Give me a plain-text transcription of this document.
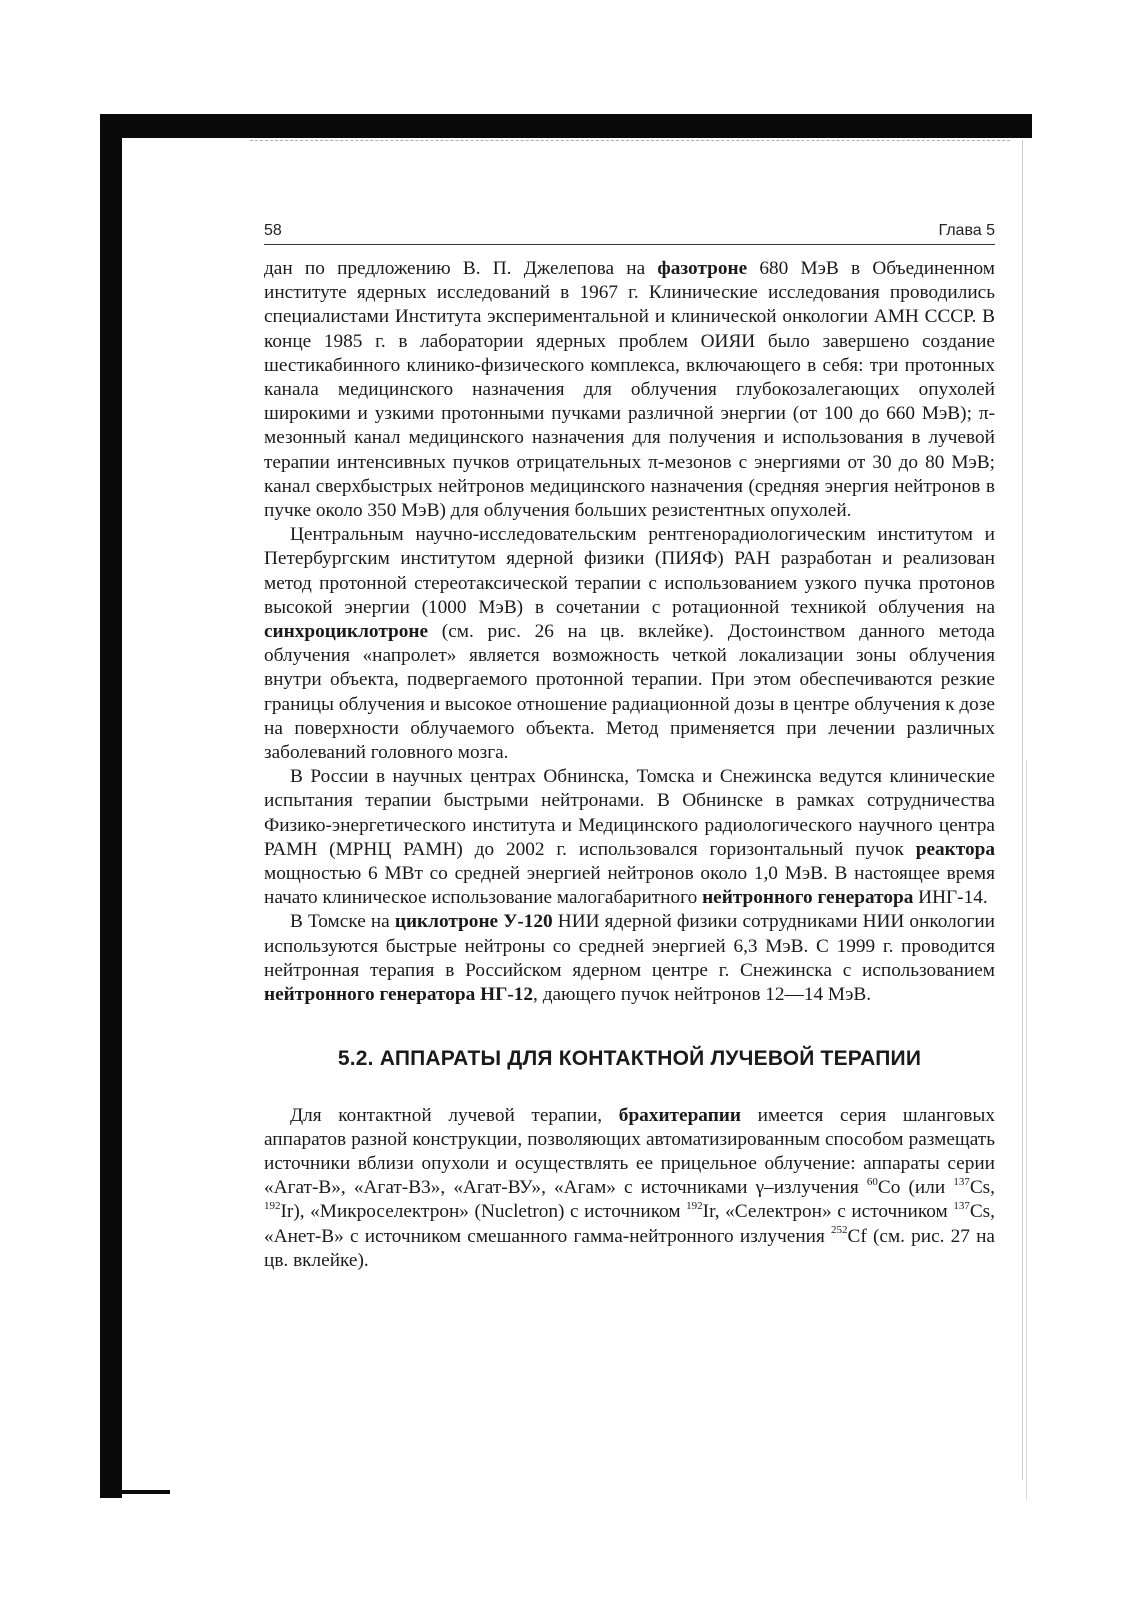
58	Глава 5

дан по предложению В. П. Джелепова на фазотроне 680 МэВ в Объединенном институте ядерных исследований в 1967 г. Клинические исследования проводились специалистами Института экспериментальной и клинической онкологии АМН СССР. В конце 1985 г. в лаборатории ядерных проблем ОИЯИ было завершено создание шестикабинного клинико-физического комплекса, включающего в себя: три протонных канала медицинского назначения для облучения глубокозалегающих опухолей широкими и узкими протонными пучками различной энергии (от 100 до 660 МэВ); π-мезонный канал медицинского назначения для получения и использования в лучевой терапии интенсивных пучков отрицательных π-мезонов с энергиями от 30 до 80 МэВ; канал сверхбыстрых нейтронов медицинского назначения (средняя энергия нейтронов в пучке около 350 МэВ) для облучения больших резистентных опухолей.

Центральным научно-исследовательским рентгенорадиологическим институтом и Петербургским институтом ядерной физики (ПИЯФ) РАН разработан и реализован метод протонной стереотаксической терапии с использованием узкого пучка протонов высокой энергии (1000 МэВ) в сочетании с ротационной техникой облучения на синхроциклотроне (см. рис. 26 на цв. вклейке). Достоинством данного метода облучения «напролет» является возможность четкой локализации зоны облучения внутри объекта, подвергаемого протонной терапии. При этом обеспечиваются резкие границы облучения и высокое отношение радиационной дозы в центре облучения к дозе на поверхности облучаемого объекта. Метод применяется при лечении различных заболеваний головного мозга.

В России в научных центрах Обнинска, Томска и Снежинска ведутся клинические испытания терапии быстрыми нейтронами. В Обнинске в рамках сотрудничества Физико-энергетического института и Медицинского радиологического научного центра РАМН (МРНЦ РАМН) до 2002 г. использовался горизонтальный пучок реактора мощностью 6 МВт со средней энергией нейтронов около 1,0 МэВ. В настоящее время начато клиническое использование малогабаритного нейтронного генератора ИНГ-14.

В Томске на циклотроне У-120 НИИ ядерной физики сотрудниками НИИ онкологии используются быстрые нейтроны со средней энергией 6,3 МэВ. С 1999 г. проводится нейтронная терапия в Российском ядерном центре г. Снежинска с использованием нейтронного генератора НГ-12, дающего пучок нейтронов 12—14 МэВ.

5.2. АППАРАТЫ ДЛЯ КОНТАКТНОЙ ЛУЧЕВОЙ ТЕРАПИИ

Для контактной лучевой терапии, брахитерапии имеется серия шланговых аппаратов разной конструкции, позволяющих автоматизированным способом размещать источники вблизи опухоли и осуществлять ее прицельное облучение: аппараты серии «Агат-В», «Агат-В3», «Агат-ВУ», «Агам» с источниками γ–излучения $^{60}$Co (или $^{137}$Cs, $^{192}$Ir), «Микроселектрон» (Nucletron) с источником $^{192}$Ir, «Селектрон» с источником $^{137}$Cs, «Анет-В» с источником смешанного гамма-нейтронного излучения $^{252}$Cf (см. рис. 27 на цв. вклейке).
